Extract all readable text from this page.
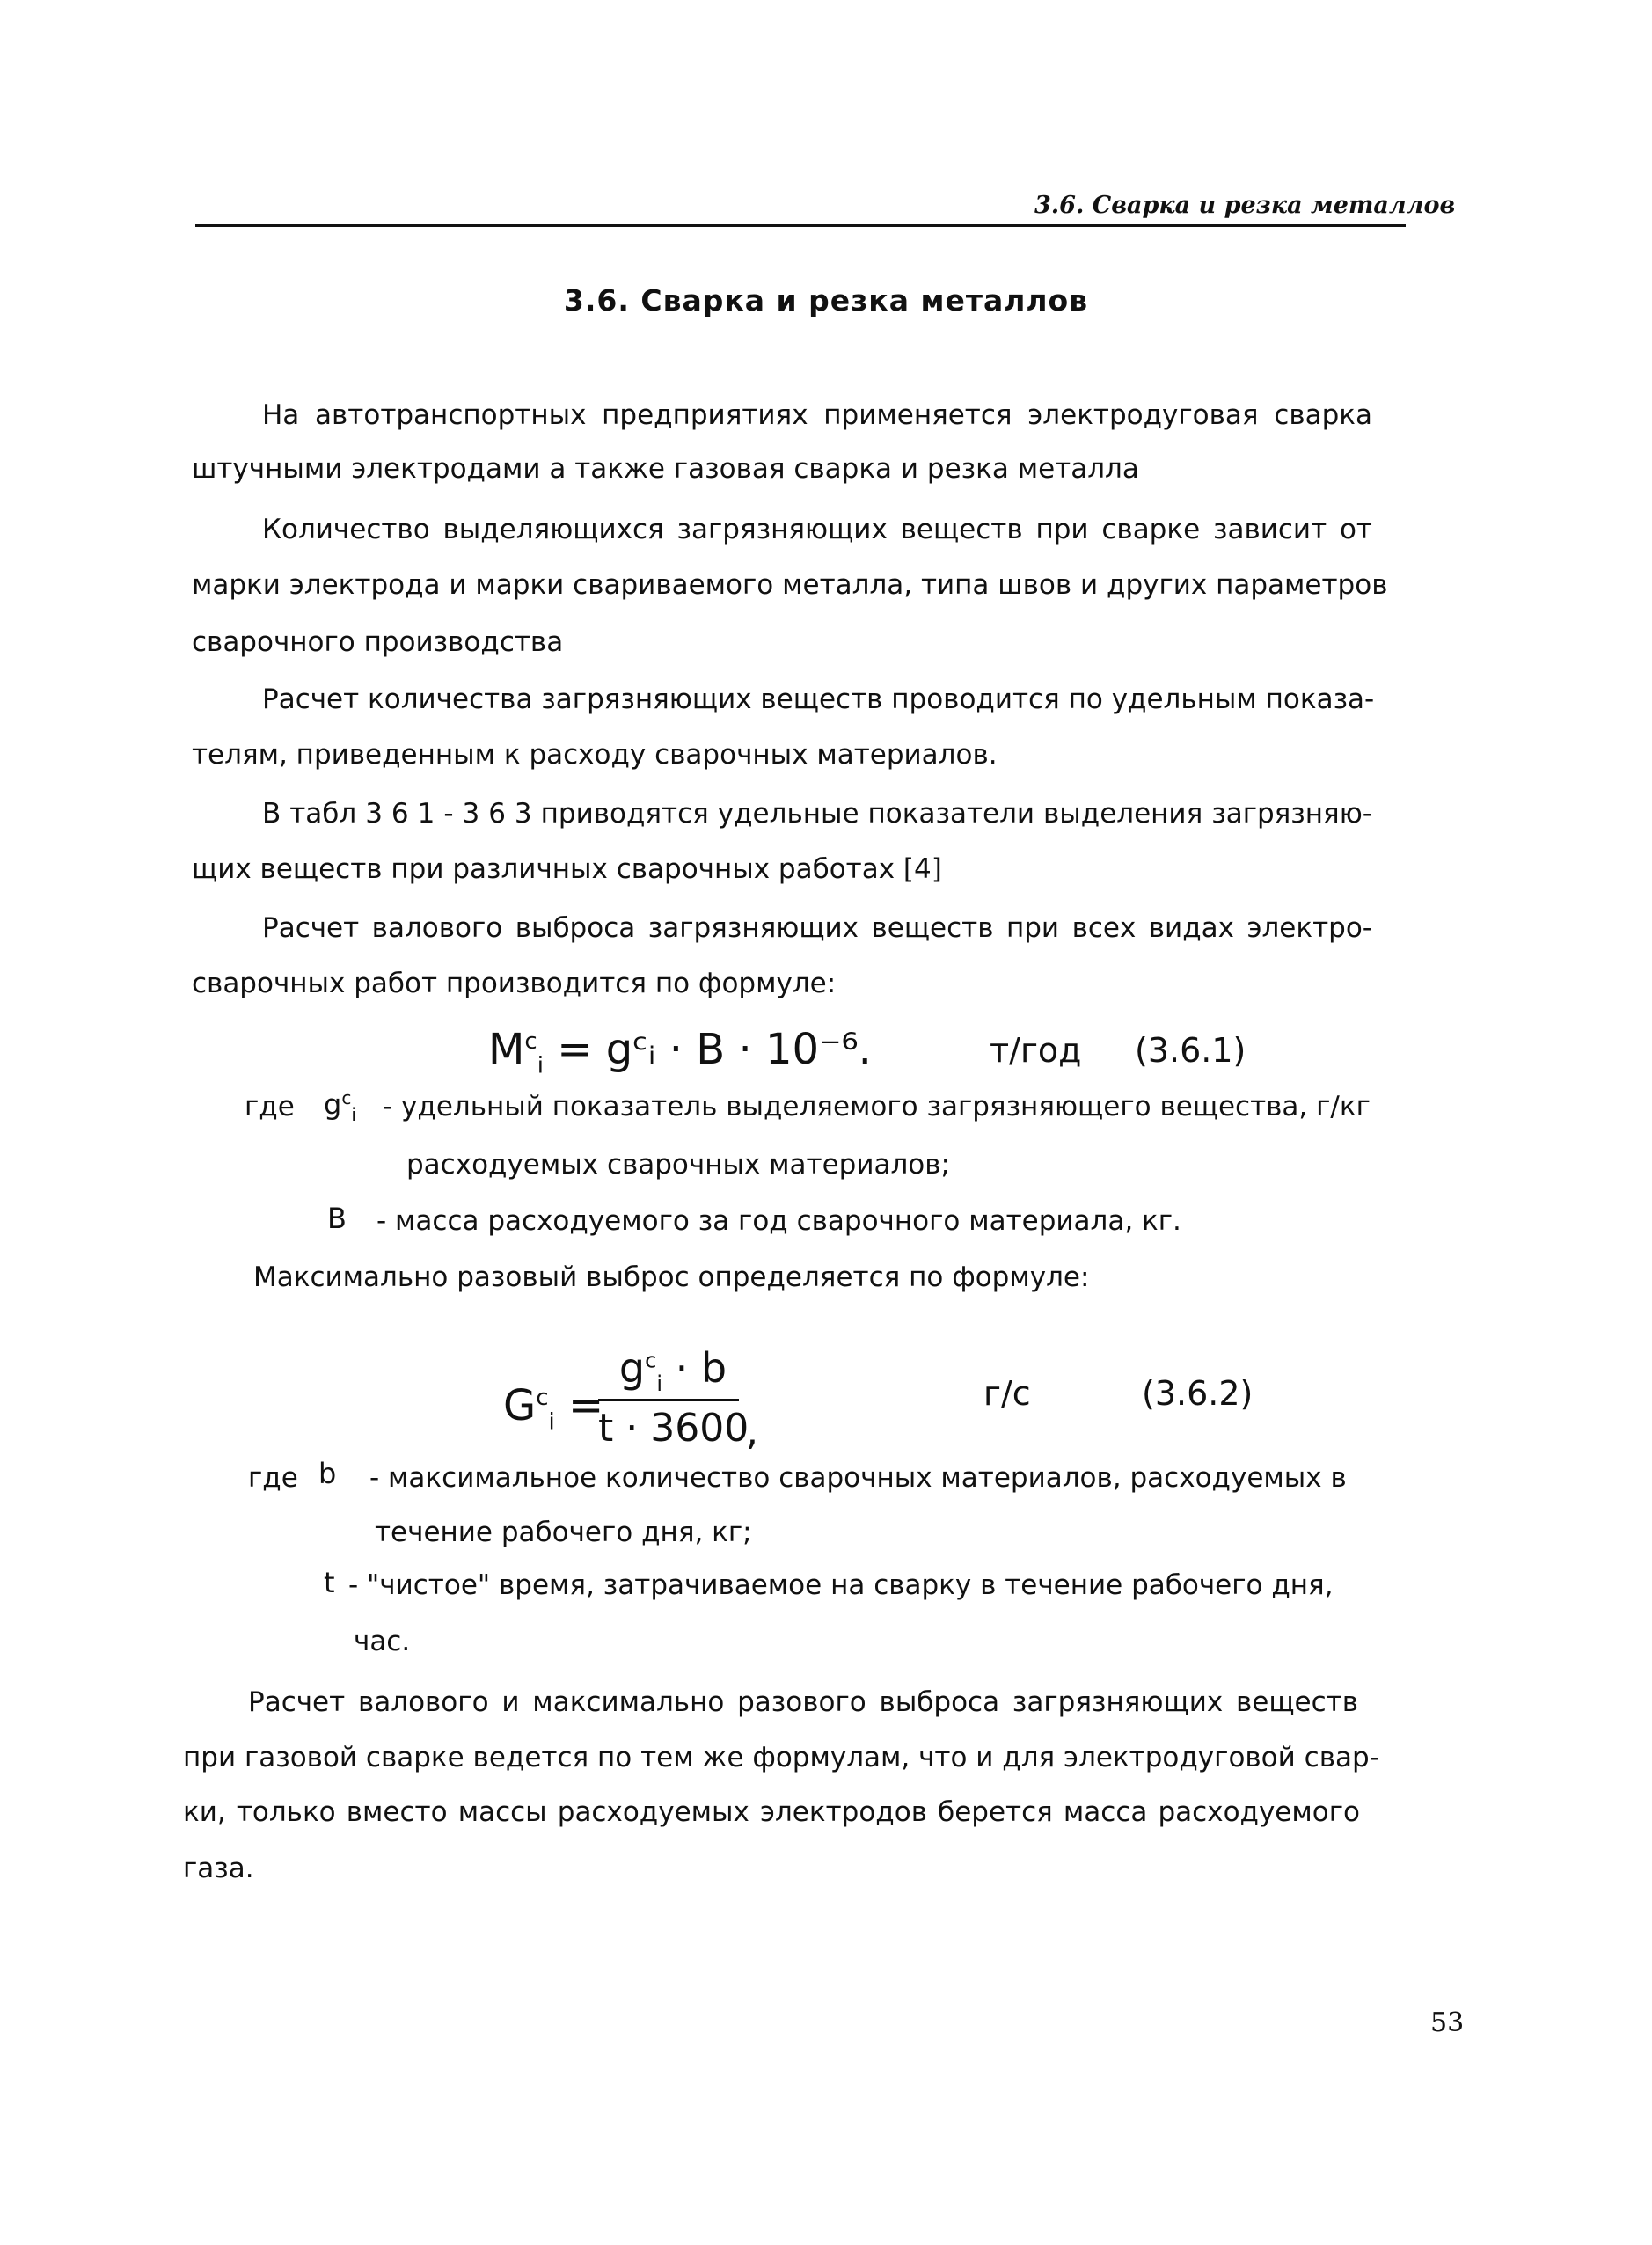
3.6. Сварка и резка металлов
3.6. Сварка и резка металлов
На автотранспортных предприятиях применяется электродуговая сварка
штучными электродами а также газовая сварка и резка металла
Количество выделяющихся загрязняющих веществ при сварке зависит от
марки электрода и марки свариваемого металла, типа швов и других параметров
сварочного производства
Расчет количества загрязняющих веществ проводится по удельным показа-
телям, приведенным к расходу сварочных материалов.
В табл 3 6 1 - 3 6 3 приводятся удельные показатели выделения загрязняю-
щих веществ при различных сварочных работах [4]
Расчет валового выброса загрязняющих веществ при всех видах электро-
сварочных работ производится по формуле:
$M^c_i$ = gᶜᵢ · B · 10⁻⁶.	т/год (3.6.1)
где $g^c_i$ - удельный показатель выделяемого загрязняющего вещества, г/кг
расходуемых сварочных материалов;
B - масса расходуемого за год сварочного материала, кг.
Максимально разовый выброс определяется по формуле:
$G^c_i$ =
$g^c_i \cdot b$
t · 3600
,
г/с	(3.6.2)
где b - максимальное количество сварочных материалов, расходуемых в
течение рабочего дня, кг;
t - "чистое" время, затрачиваемое на сварку в течение рабочего дня,
час.
Расчет валового и максимально разового выброса загрязняющих веществ
при газовой сварке ведется по тем же формулам, что и для электродуговой свар-
ки, только вместо массы расходуемых электродов берется масса расходуемого
газа.
53
